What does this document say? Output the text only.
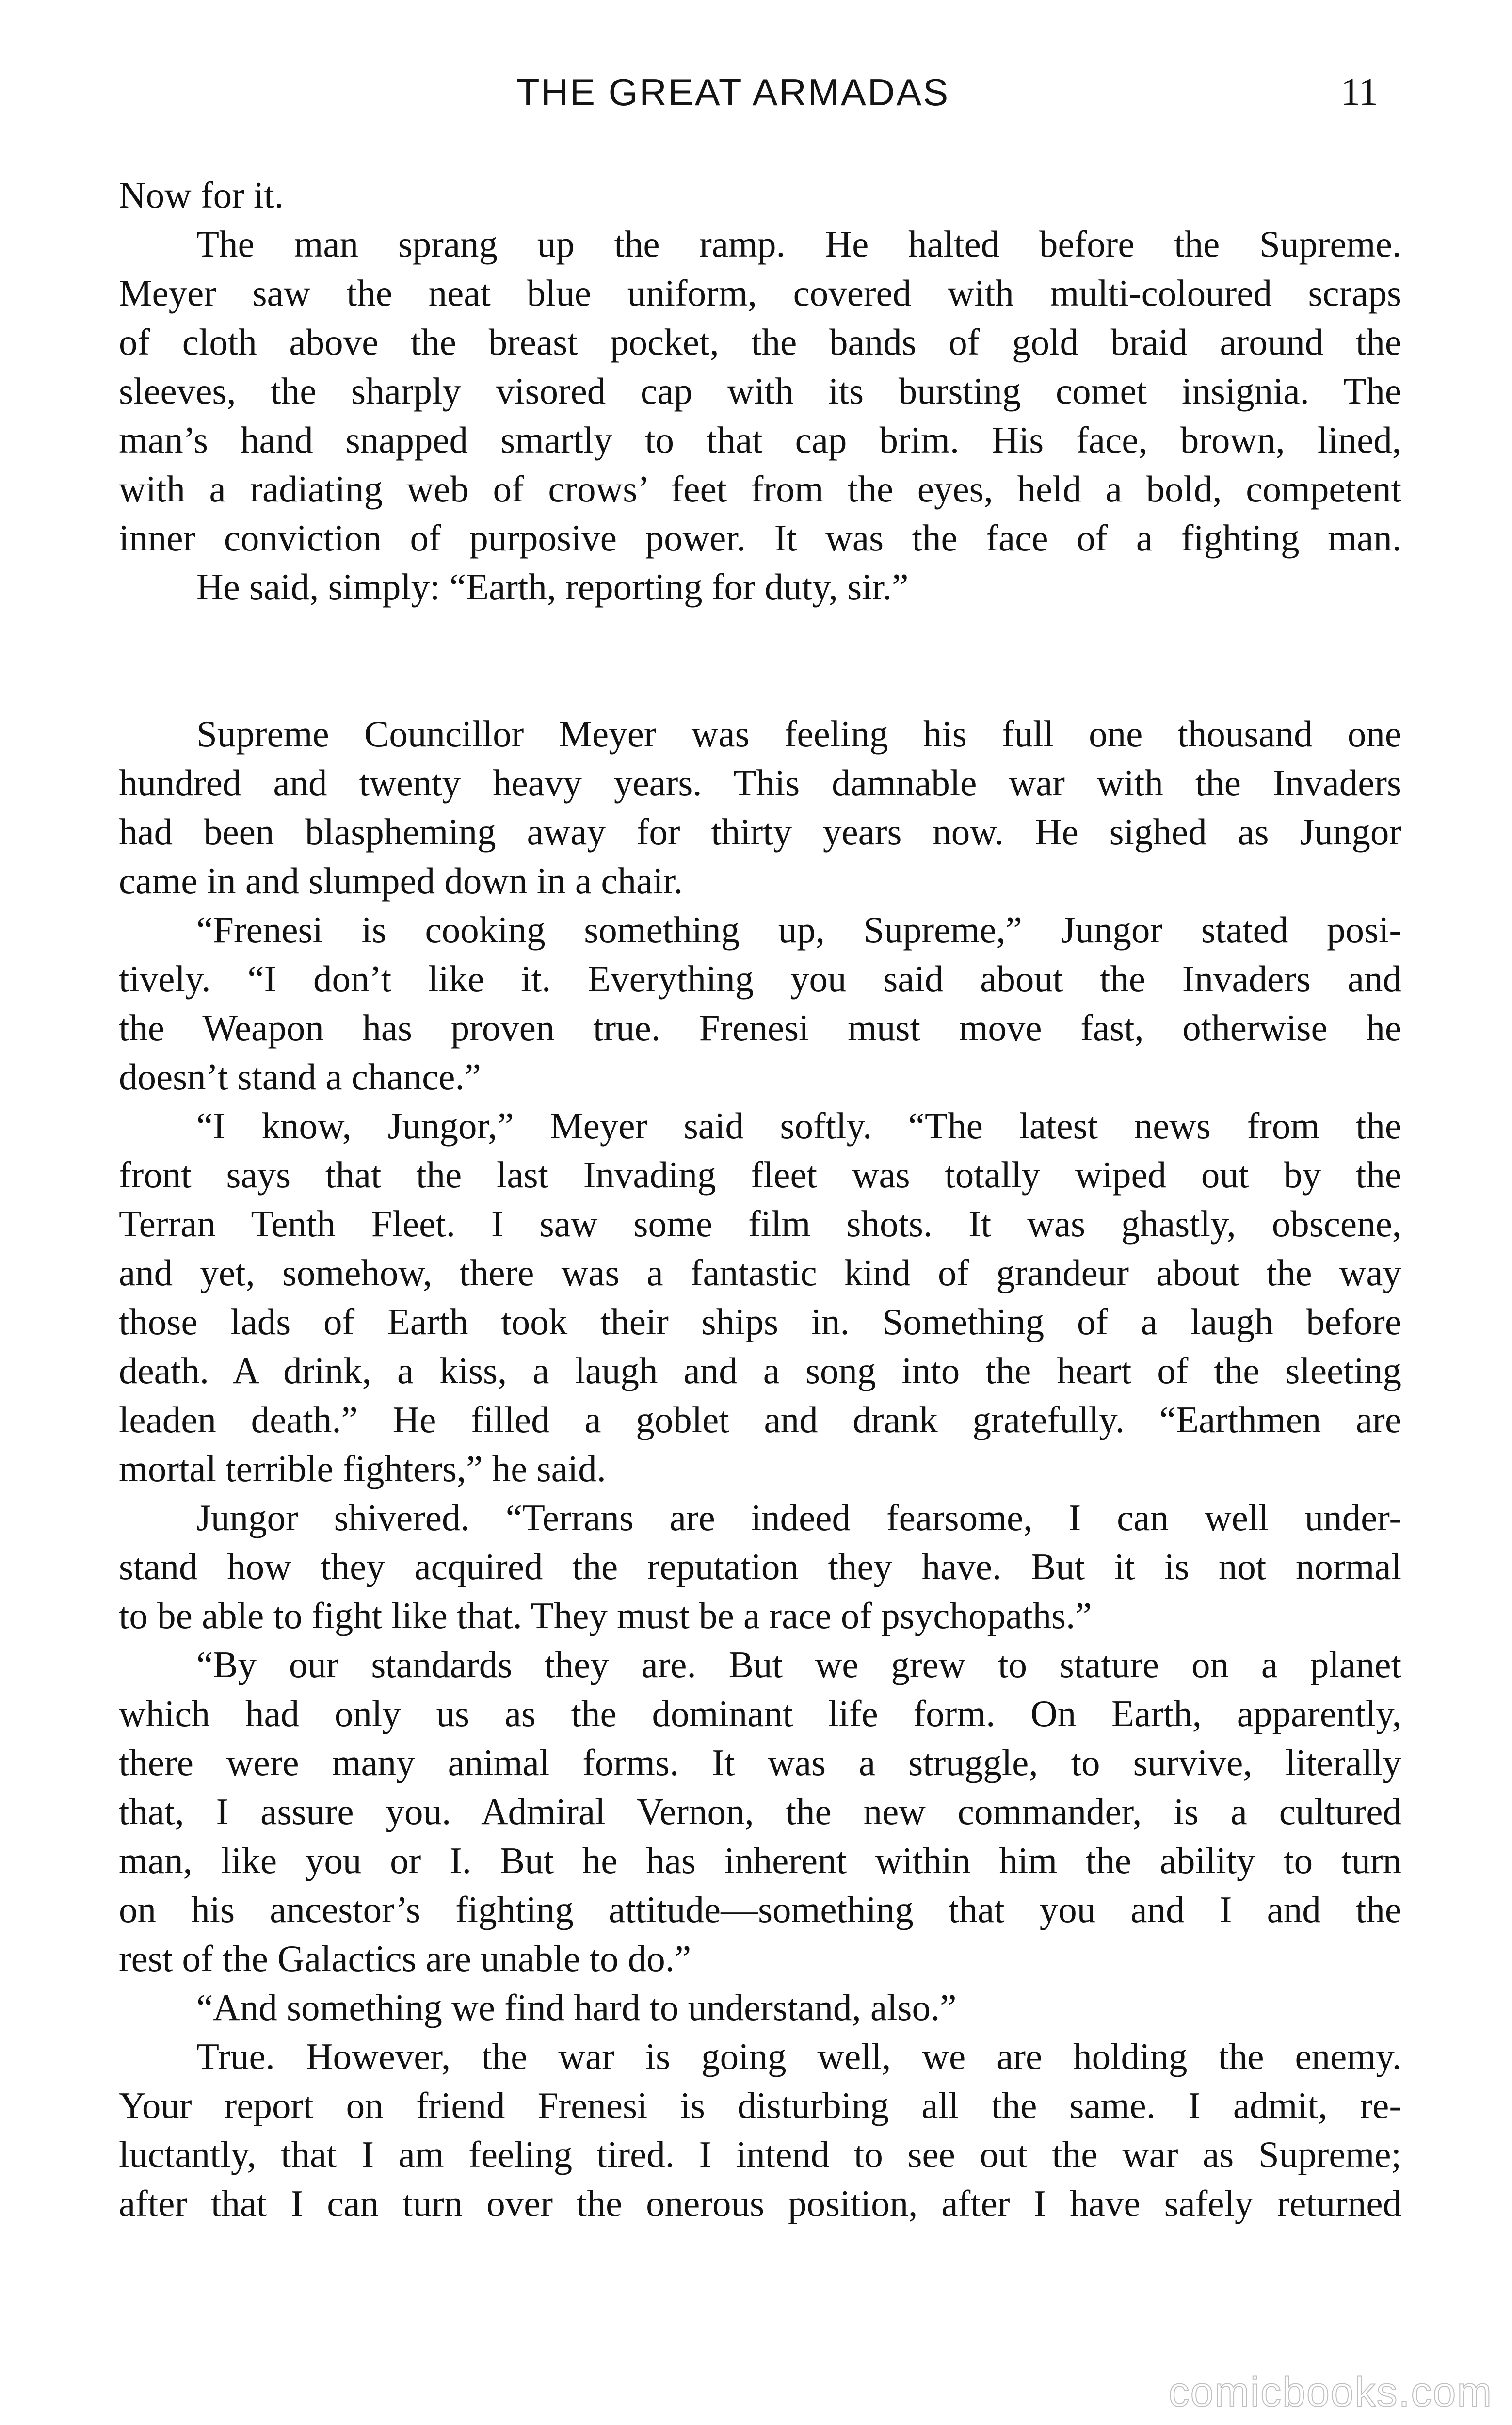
THE GREAT ARMADAS	11
Now for it.
The man sprang up the ramp. He halted before the Supreme.
Meyer saw the neat blue uniform, covered with multi-coloured scraps
of cloth above the breast pocket, the bands of gold braid around the
sleeves, the sharply visored cap with its bursting comet insignia. The
man’s hand snapped smartly to that cap brim. His face, brown, lined,
with a radiating web of crows’ feet from the eyes, held a bold, competent
inner conviction of purposive power. It was the face of a fighting man.
He said, simply: “Earth, reporting for duty, sir.”
Supreme Councillor Meyer was feeling his full one thousand one
hundred and twenty heavy years. This damnable war with the Invaders
had been blaspheming away for thirty years now. He sighed as Jungor
came in and slumped down in a chair.
“Frenesi is cooking something up, Supreme,” Jungor stated posi-
tively. “I don’t like it. Everything you said about the Invaders and
the Weapon has proven true. Frenesi must move fast, otherwise he
doesn’t stand a chance.”
“I know, Jungor,” Meyer said softly. “The latest news from the
front says that the last Invading fleet was totally wiped out by the
Terran Tenth Fleet. I saw some film shots. It was ghastly, obscene,
and yet, somehow, there was a fantastic kind of grandeur about the way
those lads of Earth took their ships in. Something of a laugh before
death. A drink, a kiss, a laugh and a song into the heart of the sleeting
leaden death.” He filled a goblet and drank gratefully. “Earthmen are
mortal terrible fighters,” he said.
Jungor shivered. “Terrans are indeed fearsome, I can well under-
stand how they acquired the reputation they have. But it is not normal
to be able to fight like that. They must be a race of psychopaths.”
“By our standards they are. But we grew to stature on a planet
which had only us as the dominant life form. On Earth, apparently,
there were many animal forms. It was a struggle, to survive, literally
that, I assure you. Admiral Vernon, the new commander, is a cultured
man, like you or I. But he has inherent within him the ability to turn
on his ancestor’s fighting attitude—something that you and I and the
rest of the Galactics are unable to do.”
“And something we find hard to understand, also.”
True. However, the war is going well, we are holding the enemy.
Your report on friend Frenesi is disturbing all the same. I admit, re-
luctantly, that I am feeling tired. I intend to see out the war as Supreme;
after that I can turn over the onerous position, after I have safely returned
comicbooks.com
